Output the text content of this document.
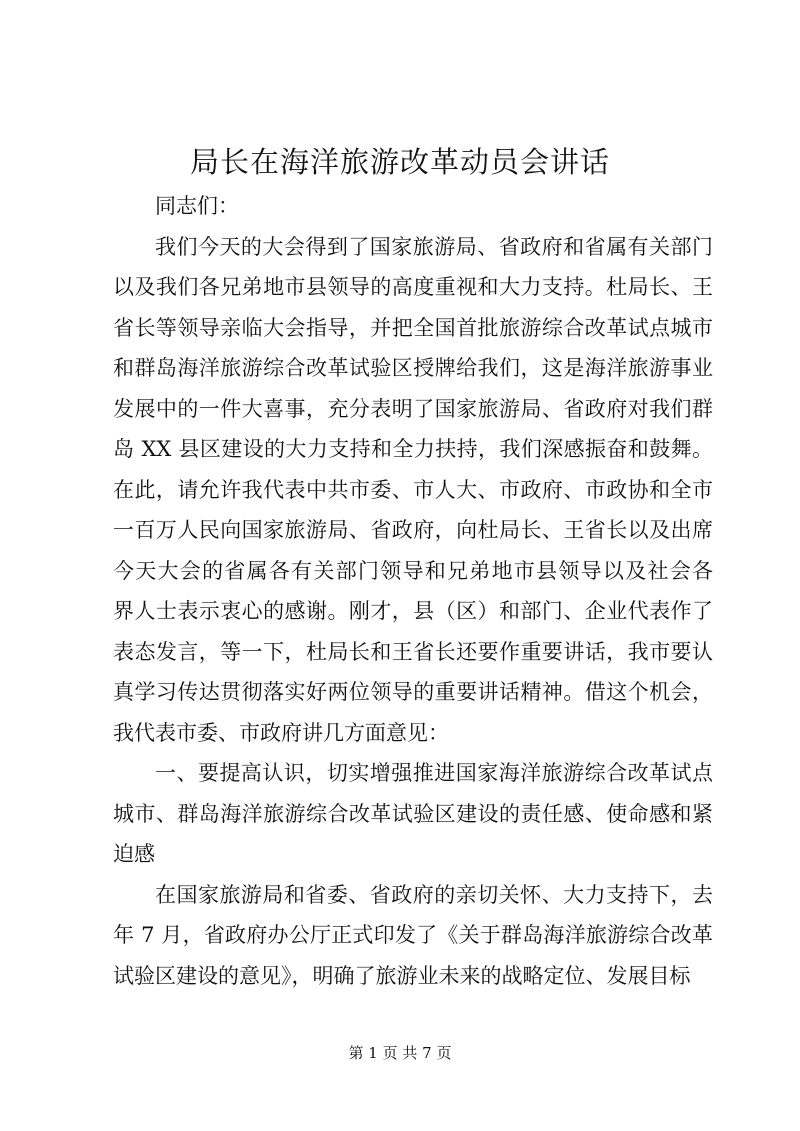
局长在海洋旅游改革动员会讲话

同志们：

我们今天的大会得到了国家旅游局、省政府和省属有关部门
以及我们各兄弟地市县领导的高度重视和大力支持。杜局长、王
省长等领导亲临大会指导，并把全国首批旅游综合改革试点城市
和群岛海洋旅游综合改革试验区授牌给我们，这是海洋旅游事业
发展中的一件大喜事，充分表明了国家旅游局、省政府对我们群
岛 XX 县区建设的大力支持和全力扶持，我们深感振奋和鼓舞。
在此，请允许我代表中共市委、市人大、市政府、市政协和全市
一百万人民向国家旅游局、省政府，向杜局长、王省长以及出席
今天大会的省属各有关部门领导和兄弟地市县领导以及社会各
界人士表示衷心的感谢。刚才，县（区）和部门、企业代表作了
表态发言，等一下，杜局长和王省长还要作重要讲话，我市要认
真学习传达贯彻落实好两位领导的重要讲话精神。借这个机会，
我代表市委、市政府讲几方面意见：

一、要提高认识，切实增强推进国家海洋旅游综合改革试点
城市、群岛海洋旅游综合改革试验区建设的责任感、使命感和紧
迫感

在国家旅游局和省委、省政府的亲切关怀、大力支持下，去
年 7 月，省政府办公厅正式印发了《关于群岛海洋旅游综合改革
试验区建设的意见》，明确了旅游业未来的战略定位、发展目标

第 1 页 共 7 页
